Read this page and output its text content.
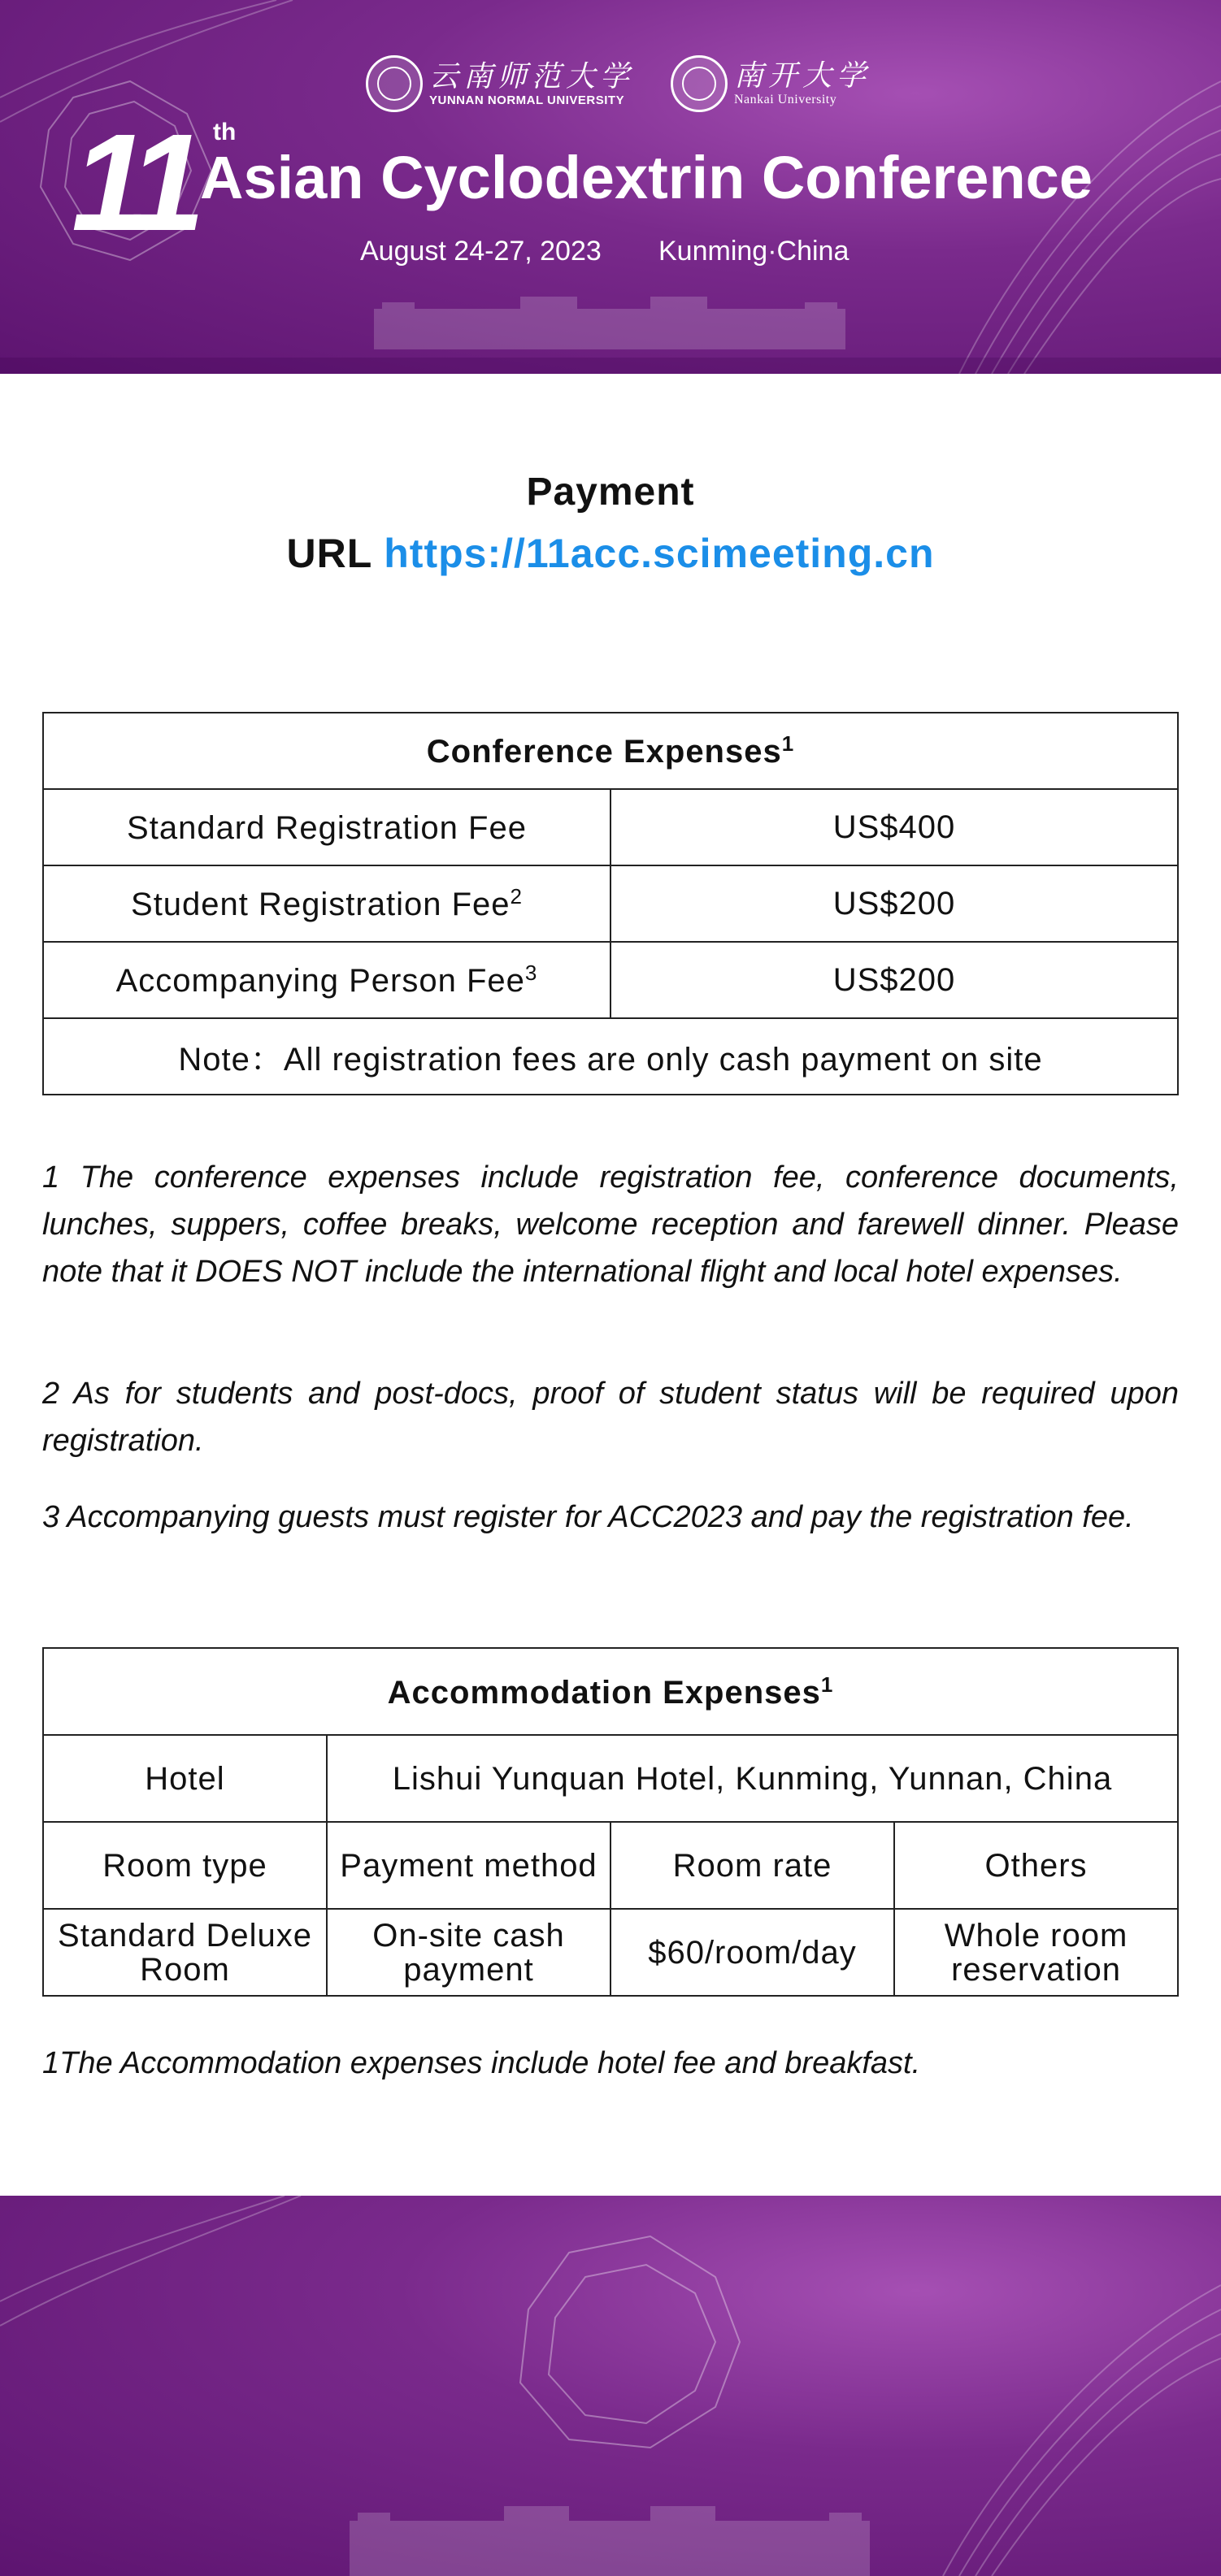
云南师范大学
YUNNAN NORMAL UNIVERSITY
南开大学
Nankai University
11 th
Asian Cyclodextrin Conference
August 24-27, 2023 Kunming·China
Payment
URL https://11acc.scimeeting.cn
Conference Expenses$^1$
Standard Registration Fee	US$400
Student Registration Fee$^2$	US$200
Accompanying Person Fee$^3$	US$200
Note：All registration fees are only cash payment on site	
1 The conference expenses include registration fee, conference documents, lunches, suppers, coffee breaks, welcome reception and farewell dinner. Please note that it DOES NOT include the international flight and local hotel expenses.
2 As for students and post-docs, proof of student status will be required upon registration.
3 Accompanying guests must register for ACC2023 and pay the registration fee.
Accommodation Expenses$^1$
Hotel	Lishui Yunquan Hotel, Kunming, Yunnan, China		
Room type	Payment method	Room rate	Others
Standard Deluxe Room	On-site cash payment	$60/room/day	Whole room reservation
1The Accommodation expenses include hotel fee and breakfast.
